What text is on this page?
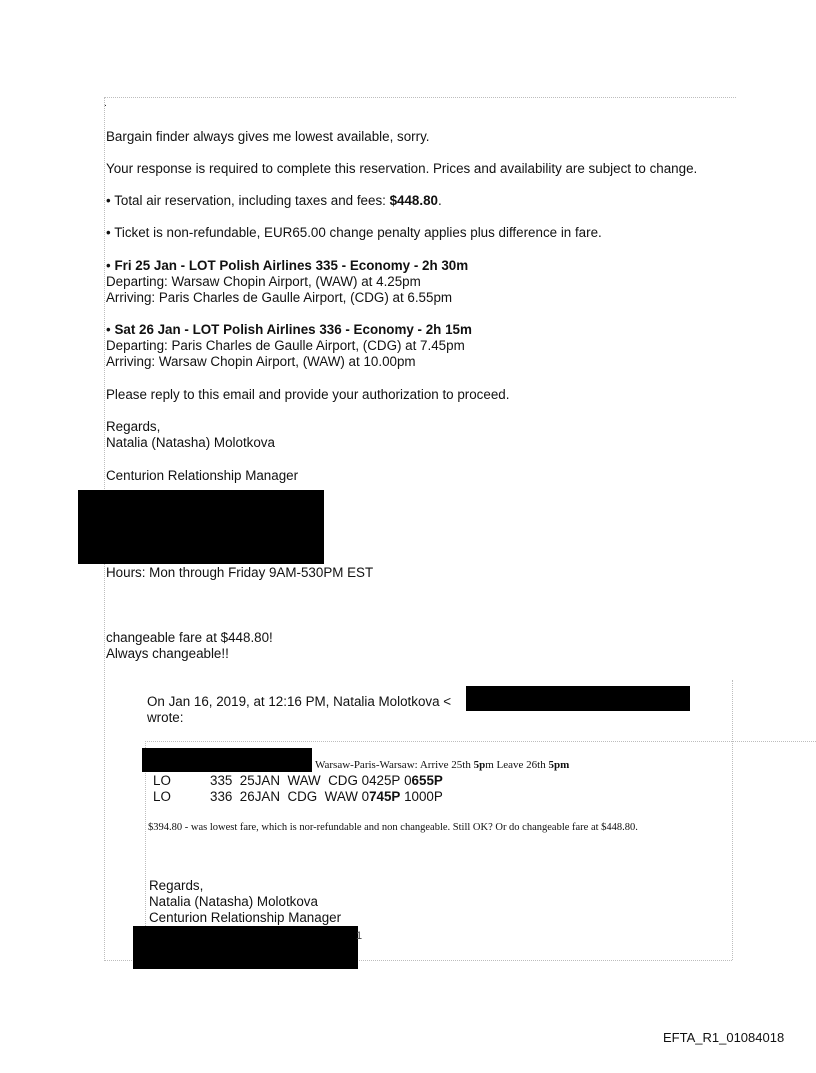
.
Bargain finder always gives me lowest available, sorry.
Your response is required to complete this reservation. Prices and availability are subject to change.
• Total air reservation, including taxes and fees: $448.80.
• Ticket is non-refundable, EUR65.00 change penalty applies plus difference in fare.
• Fri 25 Jan - LOT Polish Airlines 335 - Economy - 2h 30m
Departing: Warsaw Chopin Airport, (WAW) at 4.25pm
Arriving: Paris Charles de Gaulle Airport, (CDG) at 6.55pm
• Sat 26 Jan - LOT Polish Airlines 336 - Economy - 2h 15m
Departing: Paris Charles de Gaulle Airport, (CDG) at 7.45pm
Arriving: Warsaw Chopin Airport, (WAW) at 10.00pm
Please reply to this email and provide your authorization to proceed.
Regards,
Natalia (Natasha) Molotkova
Centurion Relationship Manager
Hours: Mon through Friday 9AM-530PM EST
changeable fare at $448.80!
Always changeable!!
On Jan 16, 2019, at 12:16 PM, Natalia Molotkova <
wrote:
Warsaw-Paris-Warsaw: Arrive 25th 5pm Leave 26th 5pm
LO	335 25JAN WAW CDG 0425P 0655P
LO	336 26JAN CDG WAW 0745P 1000P
$394.80 - was lowest fare, which is nor-refundable and non changeable. Still OK? Or do changeable fare at $448.80.
Regards,
Natalia (Natasha) Molotkova
Centurion Relationship Manager
1
EFTA_R1_01084018
